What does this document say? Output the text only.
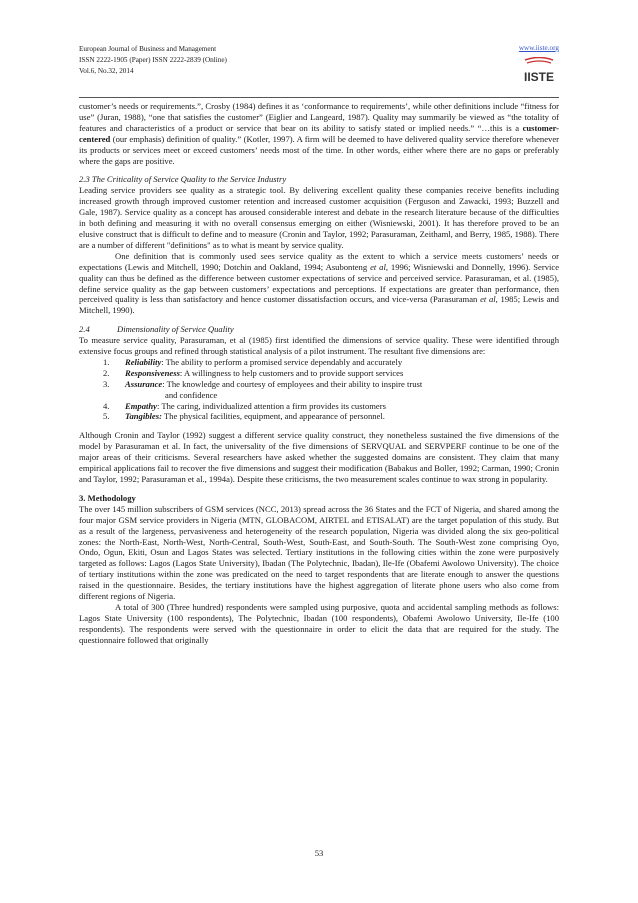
European Journal of Business and Management
ISSN 2222-1905 (Paper) ISSN 2222-2839 (Online)
Vol.6, No.32, 2014
www.iiste.org
IISTE

customer’s needs or requirements.”, Crosby (1984) defines it as ‘conformance to requirements’, while other definitions include “fitness for use” (Juran, 1988), “one that satisfies the customer” (Eiglier and Langeard, 1987). Quality may summarily be viewed as “the totality of features and characteristics of a product or service that bear on its ability to satisfy stated or implied needs.” “…this is a customer-centered (our emphasis) definition of quality.” (Kotler, 1997). A firm will be deemed to have delivered quality service therefore whenever its products or services meet or exceed customers’ needs most of the time. In other words, either where there are no gaps or preferably where the gaps are positive.

2.3 The Criticality of Service Quality to the Service Industry

Leading service providers see quality as a strategic tool. By delivering excellent quality these companies receive benefits including increased growth through improved customer retention and increased customer acquisition (Ferguson and Zawacki, 1993; Buzzell and Gale, 1987). Service quality as a concept has aroused considerable interest and debate in the research literature because of the difficulties in both defining and measuring it with no overall consensus emerging on either (Wisniewski, 2001). It has therefore proved to be an elusive construct that is difficult to define and to measure (Cronin and Taylor, 1992; Parasuraman, Zeithaml, and Berry, 1985, 1988). There are a number of different "definitions" as to what is meant by service quality.

One definition that is commonly used sees service quality as the extent to which a service meets customers’ needs or expectations (Lewis and Mitchell, 1990; Dotchin and Oakland, 1994; Asubonteng et al, 1996; Wisniewski and Donnelly, 1996). Service quality can thus be defined as the difference between customer expectations of service and perceived service. Parasuraman, et al. (1985), define service quality as the gap between customers’ expectations and perceptions. If expectations are greater than performance, then perceived quality is less than satisfactory and hence customer dissatisfaction occurs, and vice-versa (Parasuraman et al, 1985; Lewis and Mitchell, 1990).

2.4	Dimensionality of Service Quality

To measure service quality, Parasuraman, et al (1985) first identified the dimensions of service quality. These were identified through extensive focus groups and refined through statistical analysis of a pilot instrument. The resultant five dimensions are:

1.	Reliability: The ability to perform a promised service dependably and accurately
2.	Responsiveness: A willingness to help customers and to provide support services
3.	Assurance: The knowledge and courtesy of employees and their ability to inspire trust
and confidence
4.	Empathy: The caring, individualized attention a firm provides its customers
5.	Tangibles: The physical facilities, equipment, and appearance of personnel.

Although Cronin and Taylor (1992) suggest a different service quality construct, they nonetheless sustained the five dimensions of the model by Parasuraman et al. In fact, the universality of the five dimensions of SERVQUAL and SERVPERF continue to be one of the major areas of their criticisms. Several researchers have asked whether the suggested domains are consistent. They claim that many empirical applications fail to recover the five dimensions and suggest their modification (Babakus and Boller, 1992; Carman, 1990; Cronin and Taylor, 1992; Parasuraman et al., 1994a). Despite these criticisms, the two measurement scales continue to wax strong in popularity.

3. Methodology

The over 145 million subscribers of GSM services (NCC, 2013) spread across the 36 States and the FCT of Nigeria, and shared among the four major GSM service providers in Nigeria (MTN, GLOBACOM, AIRTEL and ETISALAT) are the target population of this study. But as a result of the largeness, pervasiveness and heterogeneity of the research population, Nigeria was divided along the six geo-political zones: the North-East, North-West, North-Central, South-West, South-East, and South-South. The South-West zone comprising Oyo, Ondo, Ogun, Ekiti, Osun and Lagos States was selected. Tertiary institutions in the following cities within the zone were purposively targeted as follows: Lagos (Lagos State University), Ibadan (The Polytechnic, Ibadan), Ile-Ife (Obafemi Awolowo University). The choice of tertiary institutions within the zone was predicated on the need to target respondents that are literate enough to answer the questions raised in the questionnaire. Besides, the tertiary institutions have the highest aggregation of literate phone users who also come from different regions of Nigeria.

A total of 300 (Three hundred) respondents were sampled using purposive, quota and accidental sampling methods as follows: Lagos State University (100 respondents), The Polytechnic, Ibadan (100 respondents), Obafemi Awolowo University, Ile-Ife (100 respondents). The respondents were served with the questionnaire in order to elicit the data that are required for the study. The questionnaire followed that originally

53
